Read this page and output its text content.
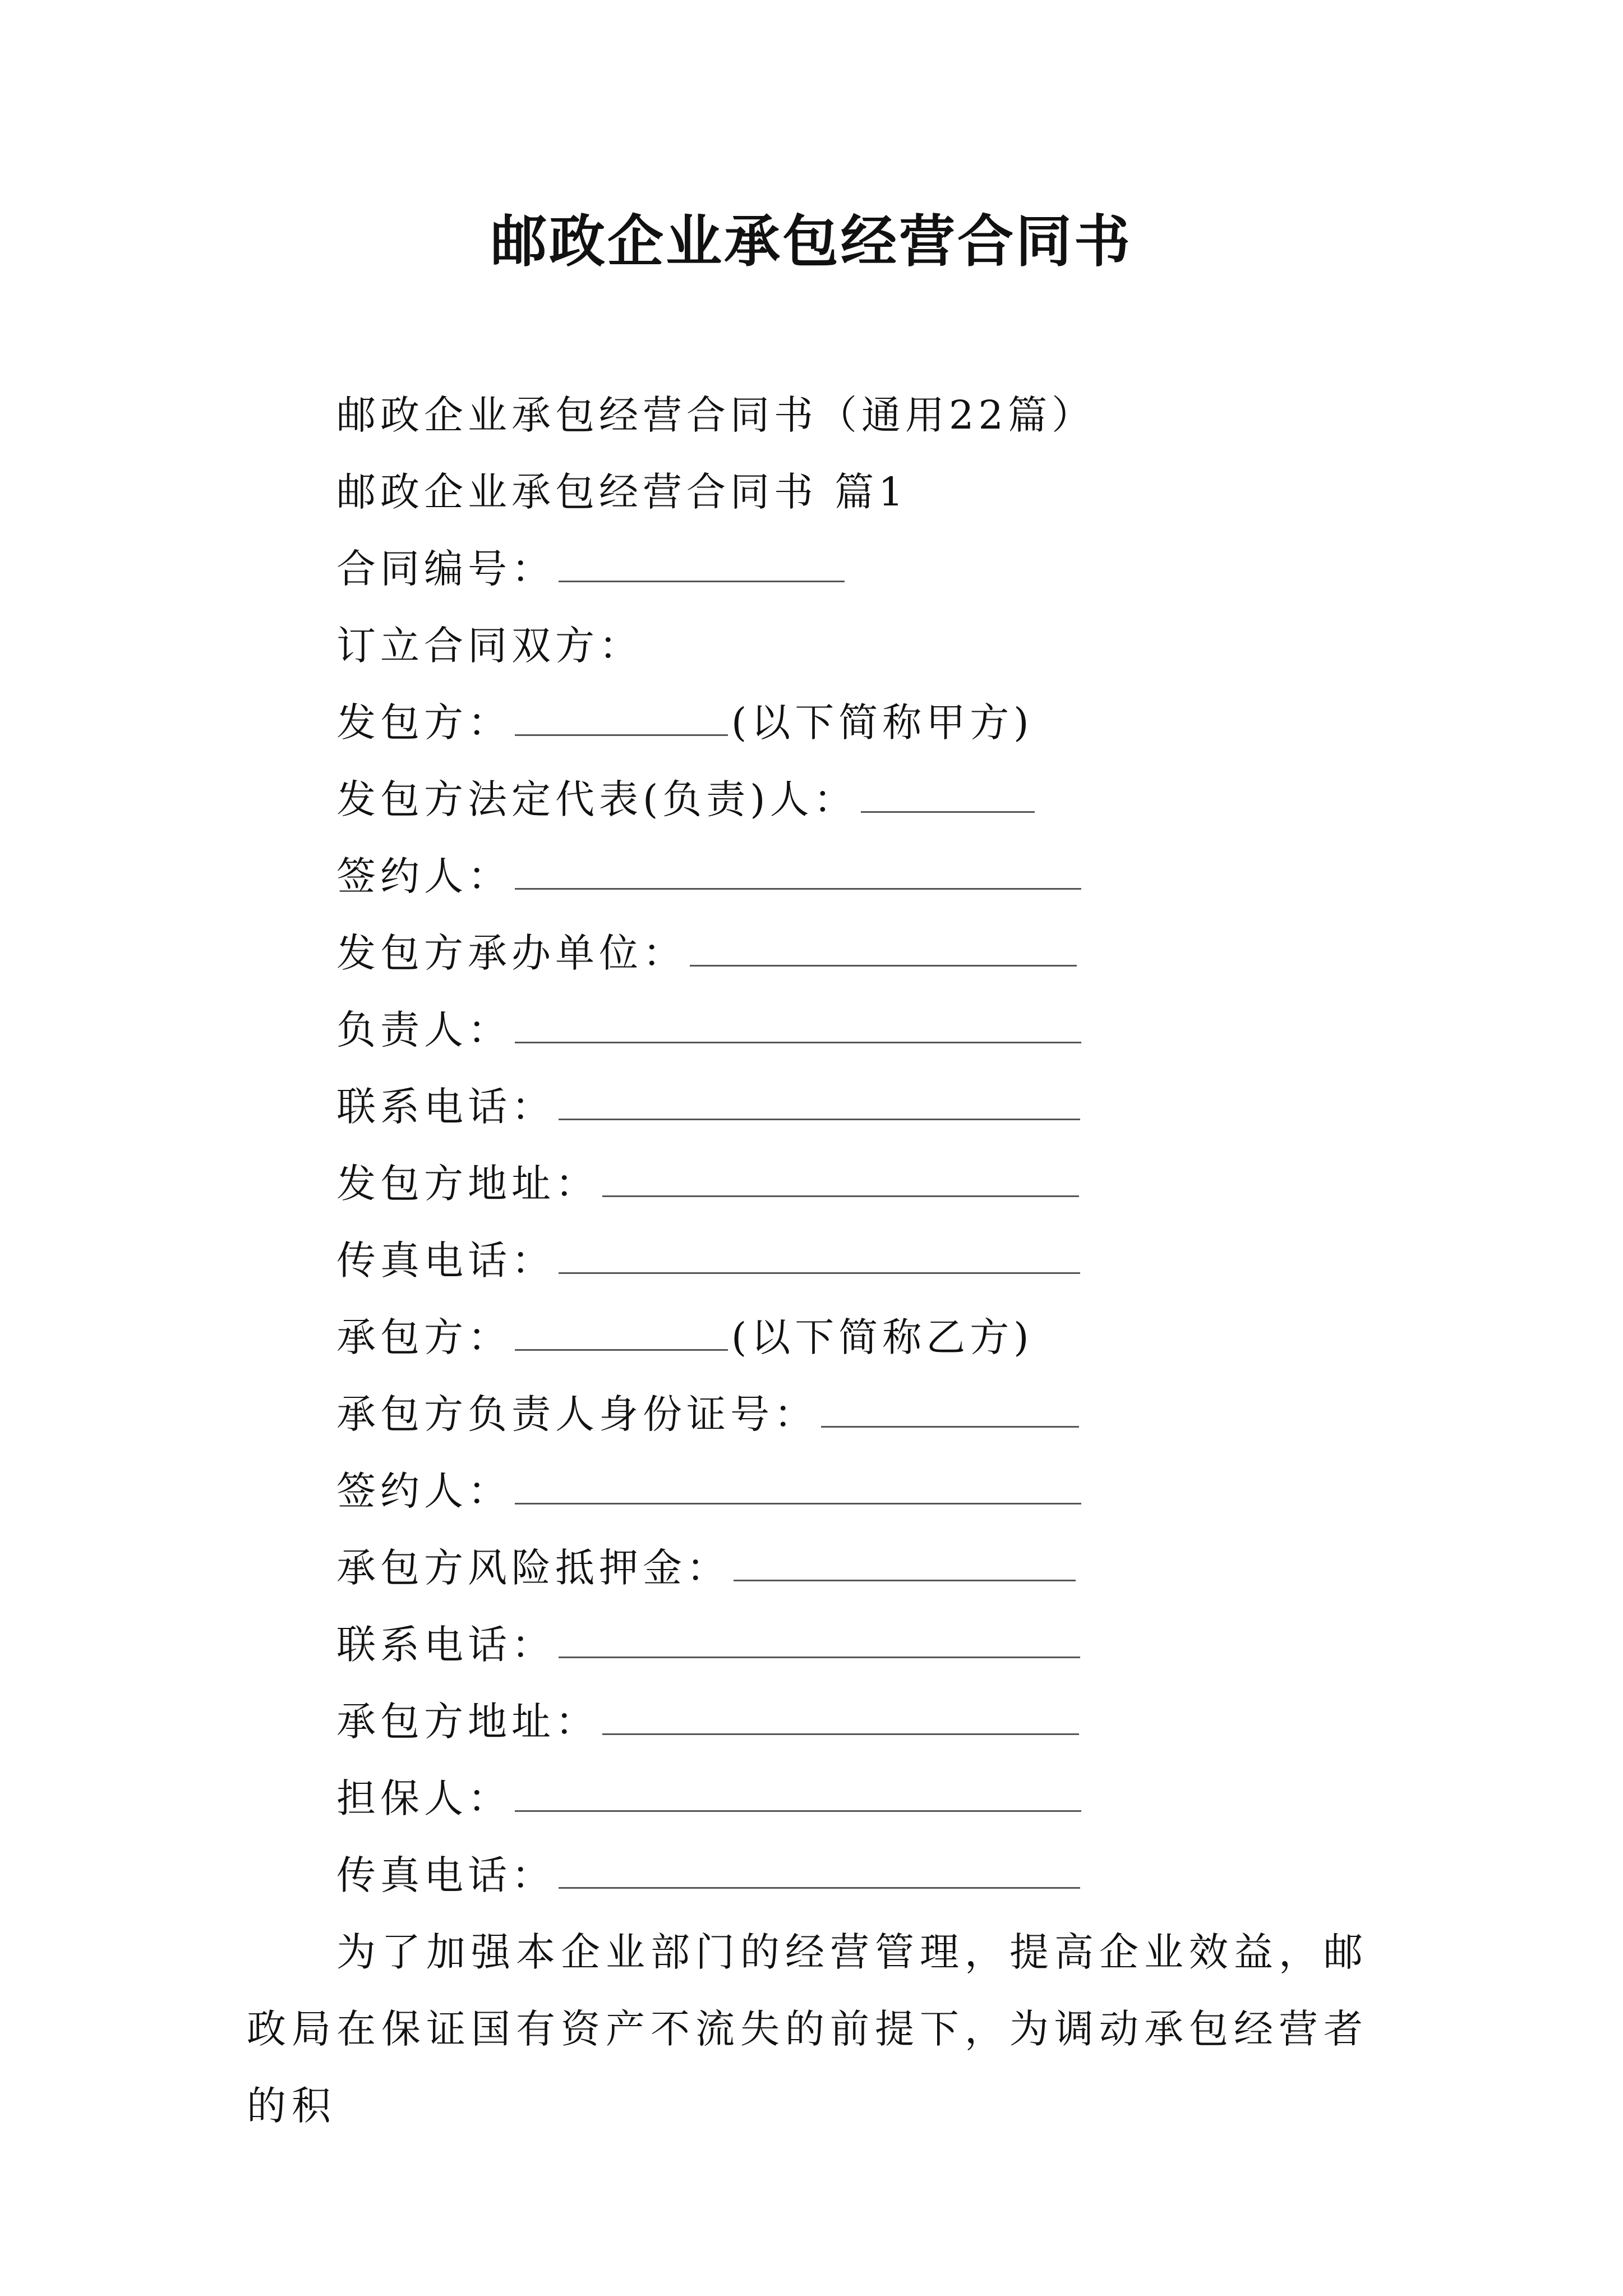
邮政企业承包经营合同书
邮政企业承包经营合同书（通用22篇）
邮政企业承包经营合同书 篇1
合同编号：
订立合同双方：
发包方：	(以下简称甲方)
发包方法定代表(负责)人：
签约人：
发包方承办单位：
负责人：
联系电话：
发包方地址：
传真电话：
承包方：	(以下简称乙方)
承包方负责人身份证号：
签约人：
承包方风险抵押金：
联系电话：
承包方地址：
担保人：
传真电话：

为了加强本企业部门的经营管理，提高企业效益，邮政局在保证国有资产不流失的前提下，为调动承包经营者的积
